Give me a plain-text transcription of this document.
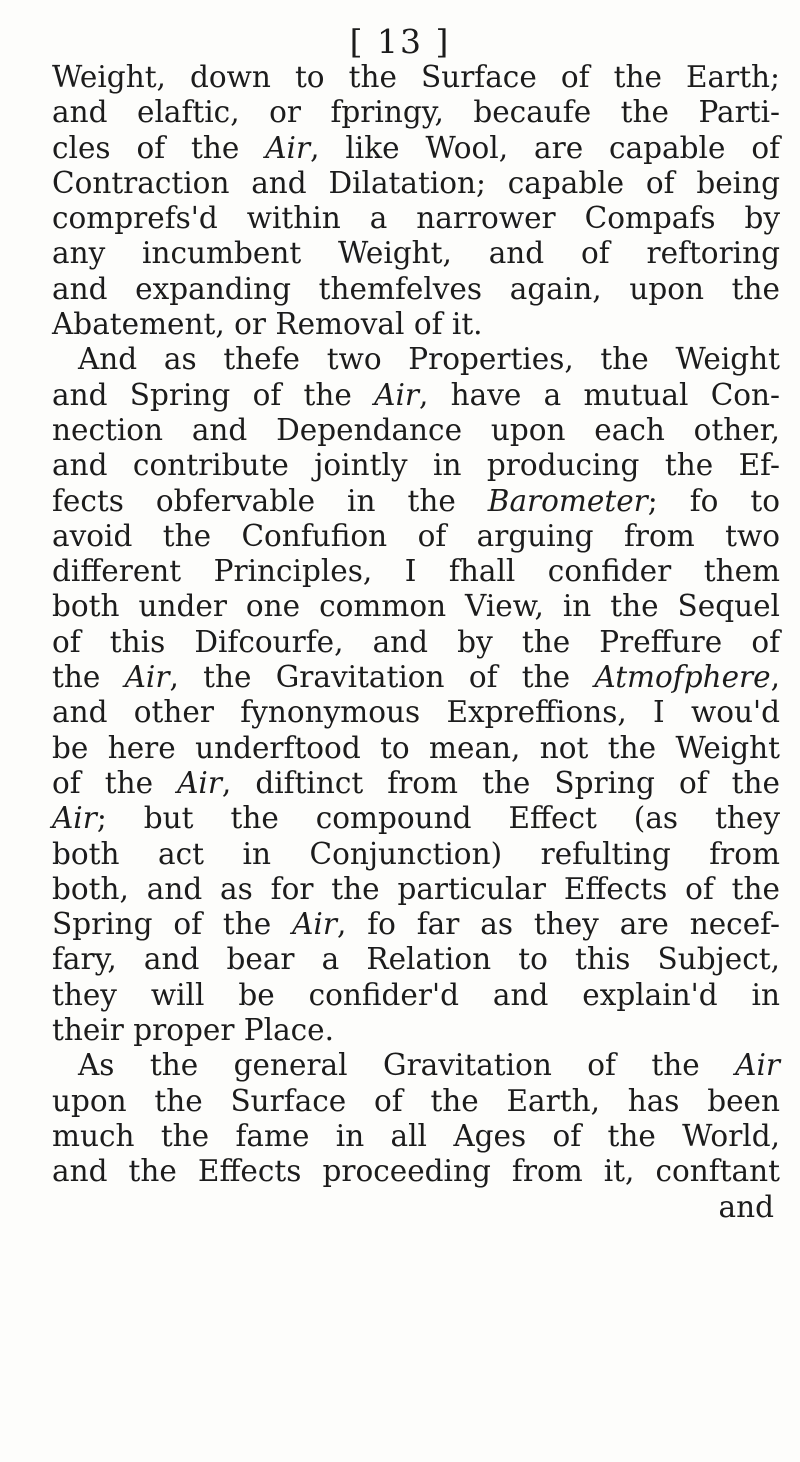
[ 13 ]
Weight, down to the Surface of the Earth;
and elaftic, or fpringy, becaufe the Parti-
cles of the Air, like Wool, are capable of
Contraction and Dilatation; capable of being
comprefs'd within a narrower Compafs by
any incumbent Weight, and of reftoring
and expanding themfelves again, upon the
Abatement, or Removal of it.
And as thefe two Properties, the Weight
and Spring of the Air, have a mutual Con-
nection and Dependance upon each other,
and contribute jointly in producing the Ef-
fects obfervable in the Barometer; fo to
avoid the Confufion of arguing from two
different Principles, I fhall confider them
both under one common View, in the Sequel
of this Difcourfe, and by the Preffure of
the Air, the Gravitation of the Atmofphere,
and other fynonymous Expreffions, I wou'd
be here underftood to mean, not the Weight
of the Air, diftinct from the Spring of the
Air; but the compound Effect (as they
both act in Conjunction) refulting from
both, and as for the particular Effects of the
Spring of the Air, fo far as they are necef-
fary, and bear a Relation to this Subject,
they will be confider'd and explain'd in
their proper Place.
As the general Gravitation of the Air
upon the Surface of the Earth, has been
much the fame in all Ages of the World,
and the Effects proceeding from it, conftant
and
